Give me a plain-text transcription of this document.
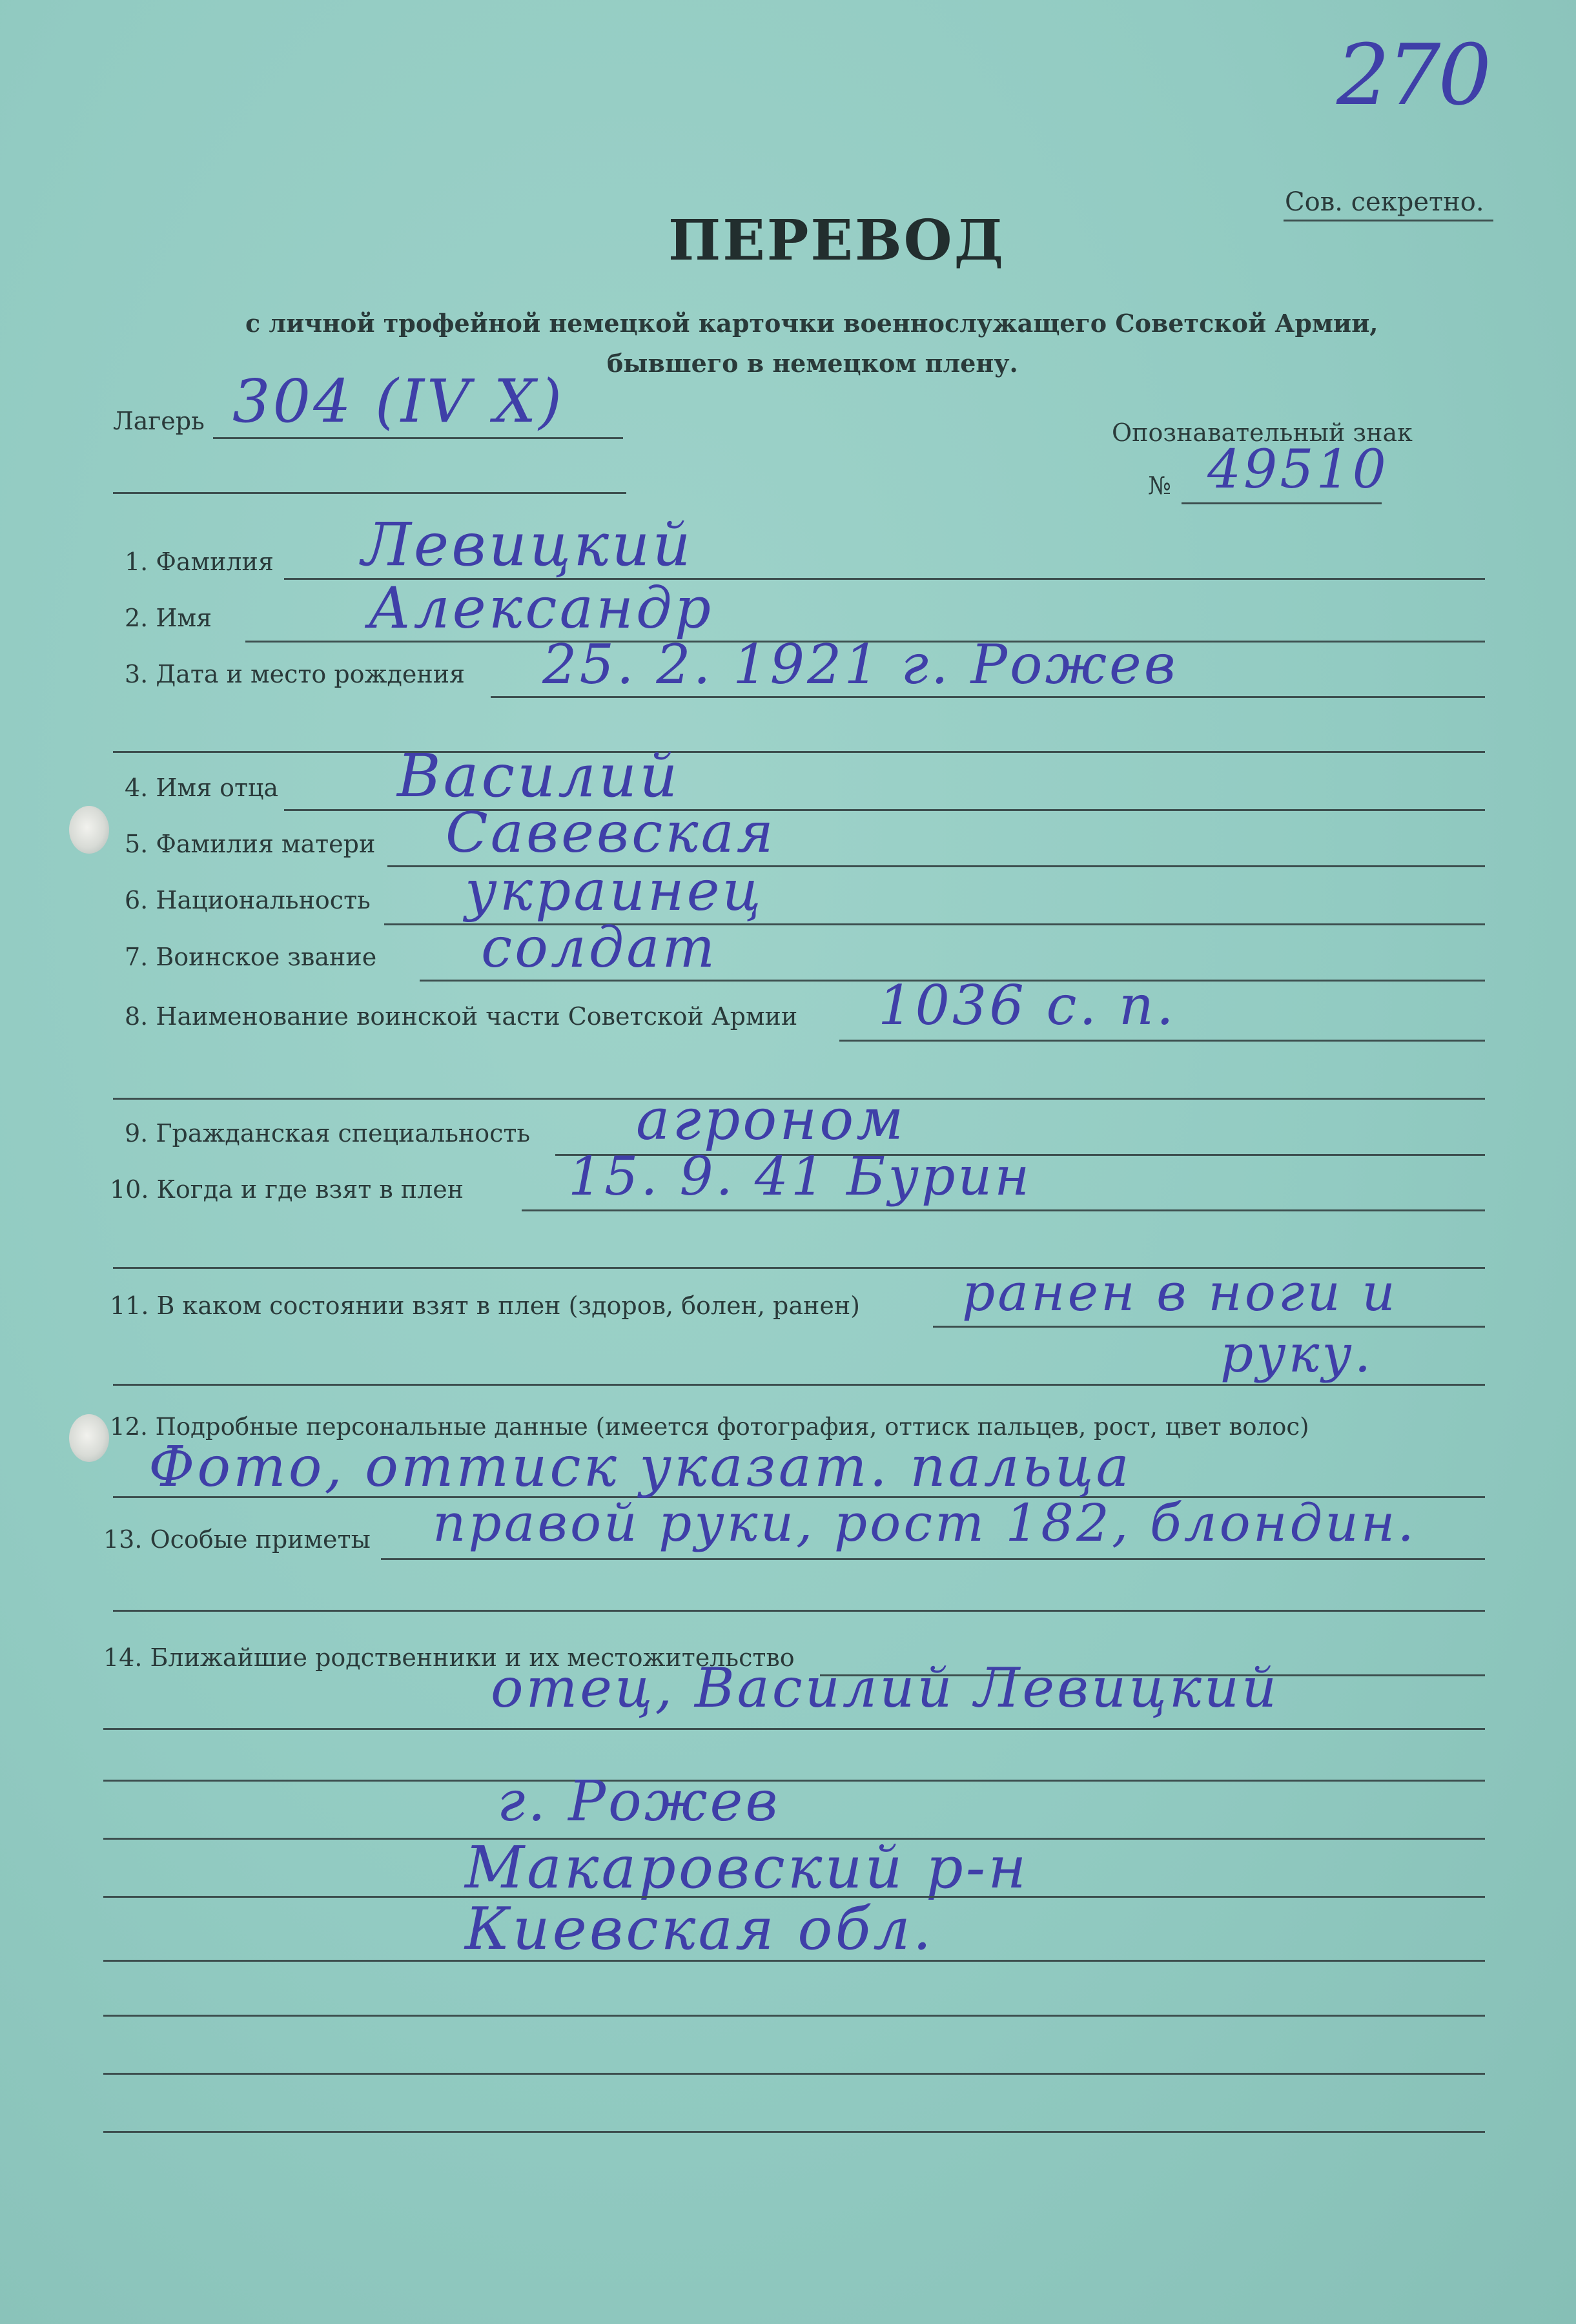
270
Сов. секретно.
ПЕРЕВОД
с личной трофейной немецкой карточки военнослужащего Советской Армии,
бывшего в немецком плену.
Лагерь 304 (IV X)	Опознавательный знак
№ 49510
1. Фамилия Левицкий
2. Имя	Александр
3. Дата и место рождения 25. 2. 1921 г. Рожев
4. Имя отца Василий
5. Фамилия матери Савевская
6. Национальность украинец
7. Воинское звание солдат
8. Наименование воинской части Советской Армии 1036 с. п.
9. Гражданская специальность агроном
10. Когда и где взят в плен 15. 9. 41 Бурин
11. В каком состоянии взят в плен (здоров, болен, ранен) ранен в ноги и
руку.
12. Подробные персональные данные (имеется фотография, оттиск пальцев, рост, цвет волос)
Фото, оттиск указат. пальца
13. Особые приметы правой руки, рост 182, блондин.
14. Ближайшие родственники и их местожительство
отец, Василий Левицкий
г. Рожев
Макаровский р-н
Киевская обл.
